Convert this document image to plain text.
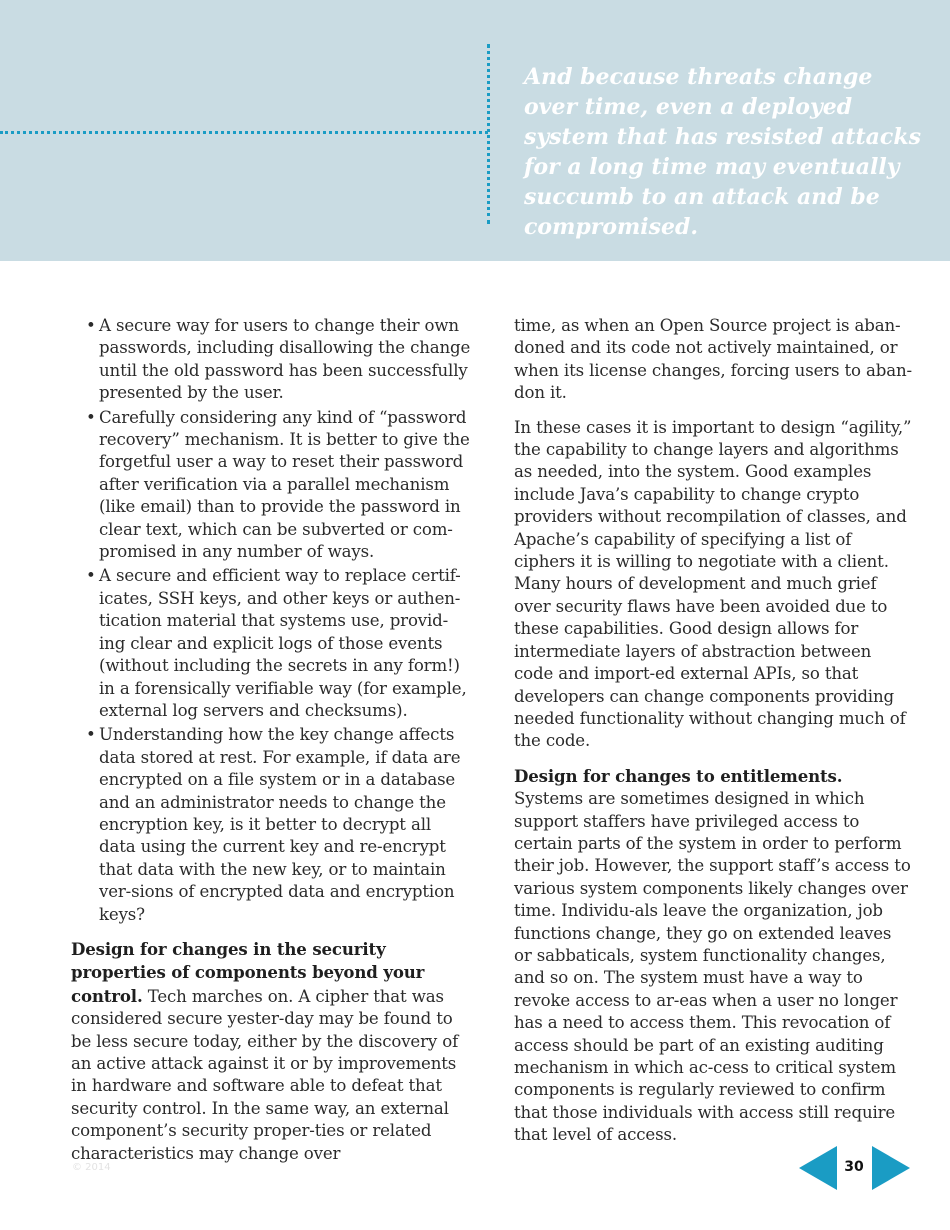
And because threats change over time, even a deployed system that has resisted attacks for a long time may eventually succumb to an attack and be compromised.

• A secure way for users to change their own passwords, including disallowing the change until the old password has been successfully presented by the user.
• Carefully considering any kind of “password recovery” mechanism. It is better to give the forgetful user a way to reset their password after verification via a parallel mechanism (like email) than to provide the password in clear text, which can be subverted or com-promised in any number of ways.
• A secure and efficient way to replace certif-icates, SSH keys, and other keys or authen-tication material that systems use, provid-ing clear and explicit logs of those events (without including the secrets in any form!) in a forensically verifiable way (for example, external log servers and checksums).
• Understanding how the key change affects data stored at rest. For example, if data are encrypted on a file system or in a database and an administrator needs to change the encryption key, is it better to decrypt all data using the current key and re-encrypt that data with the new key, or to maintain ver-sions of encrypted data and encryption keys?

Design for changes in the security properties of components beyond your control. Tech marches on. A cipher that was considered secure yester-day may be found to be less secure today, either by the discovery of an active attack against it or by improvements in hardware and software able to defeat that security control. In the same way, an external component’s security proper-ties or related characteristics may change over

time, as when an Open Source project is aban-doned and its code not actively maintained, or when its license changes, forcing users to aban-don it.

In these cases it is important to design “agility,” the capability to change layers and algorithms as needed, into the system. Good examples include Java’s capability to change crypto providers without recompilation of classes, and Apache’s capability of specifying a list of ciphers it is willing to negotiate with a client. Many hours of development and much grief over security flaws have been avoided due to these capabilities. Good design allows for intermediate layers of abstraction between code and import-ed external APIs, so that developers can change components providing needed functionality without changing much of the code.

Design for changes to entitlements. Systems are sometimes designed in which support staffers have privileged access to certain parts of the system in order to perform their job. However, the support staff’s access to various system components likely changes over time. Individu-als leave the organization, job functions change, they go on extended leaves or sabbaticals, system functionality changes, and so on. The system must have a way to revoke access to ar-eas when a user no longer has a need to access them. This revocation of access should be part of an existing auditing mechanism in which ac-cess to critical system components is regularly reviewed to confirm that those individuals with access still require that level of access.

© 2014	30
